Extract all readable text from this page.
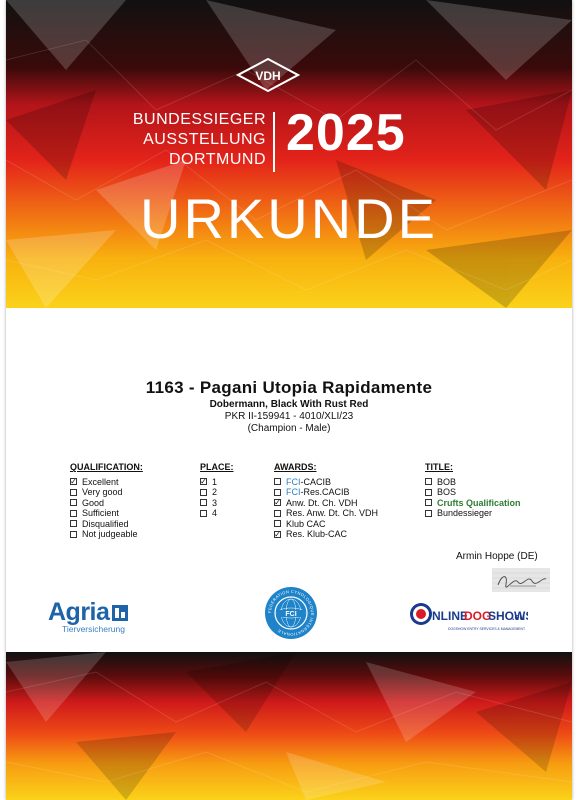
VDH
BUNDESSIEGER
AUSSTELLUNG
DORTMUND 2025
URKUNDE
1163 - Pagani Utopia Rapidamente
Dobermann, Black With Rust Red
PKR II-159941 - 4010/XLI/23
(Champion - Male)
QUALIFICATION:
✓ Excellent
Very good
Good
Sufficient
Disqualified
Not judgeable
PLACE:
✓ 1
2
3
4
AWARDS:
FCI-CACIB
FCI-Res.CACIB
✓ Anw. Dt. Ch. VDH
Res. Anw. Dt. Ch. VDH
Klub CAC
✓ Res. Klub-CAC
TITLE:
BOB
BOS
Crufts Qualification
Bundessieger
Armin Hoppe (DE)
Agria
Tierversicherung
FEDERATION CYNOLOGIQUE INTERNATIONALE
FCI	NLINE
DOG
SHOW
.eu
DOGSHOW ENTRY SERVICES & MANAGEMENT
